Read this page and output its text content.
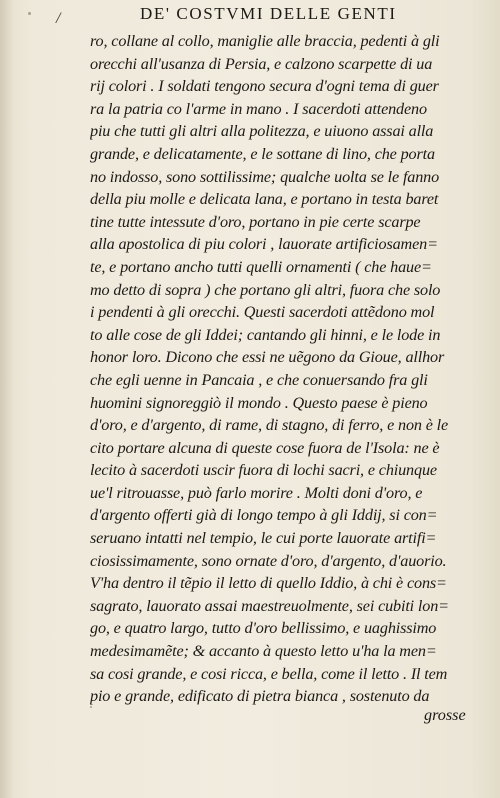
/	DE' COSTVMI DELLE GENTI
ro, collane al collo, maniglie alle braccia, pedenti à gli
orecchi all'usanza di Persia, e calzono scarpette di ua
rij colori . I soldati tengono secura d'ogni tema di guer
ra la patria co l'arme in mano . I sacerdoti attendeno
piu che tutti gli altri alla politezza, e uiuono assai alla
grande, e delicatamente, e le sottane di lino, che porta
no indosso, sono sottilissime; qualche uolta se le fanno
della piu molle e delicata lana, e portano in testa baret
tine tutte intessute d'oro, portano in pie certe scarpe
alla apostolica di piu colori , lauorate artificiosamen=
te, e portano ancho tutti quelli ornamenti ( che haue=
mo detto di sopra ) che portano gli altri, fuora che solo
i pendenti à gli orecchi. Questi sacerdoti attẽdono mol
to alle cose de gli Iddei; cantando gli hinni, e le lode in
honor loro. Dicono che essi ne uẽgono da Gioue, allhor
che egli uenne in Pancaia , e che conuersando fra gli
huomini signoreggiò il mondo . Questo paese è pieno
d'oro, e d'argento, di rame, di stagno, di ferro, e non è le
cito portare alcuna di queste cose fuora de l'Isola: ne è
lecito à sacerdoti uscir fuora di lochi sacri, e chiunque
ue'l ritrouasse, può farlo morire . Molti doni d'oro, e
d'argento offerti già di longo tempo à gli Iddij, si con=
seruano intatti nel tempio, le cui porte lauorate artifi=
ciosissimamente, sono ornate d'oro, d'argento, d'auorio.
V'ha dentro il tẽpio il letto di quello Iddio, à chi è cons=
sagrato, lauorato assai maestreuolmente, sei cubiti lon=
go, e quatro largo, tutto d'oro bellissimo, e uaghissimo
medesimamẽte; & accanto à questo letto u'ha la men=
sa cosi grande, e cosi ricca, e bella, come il letto . Il tem
pio e grande, edificato di pietra bianca , sostenuto da
grosse
